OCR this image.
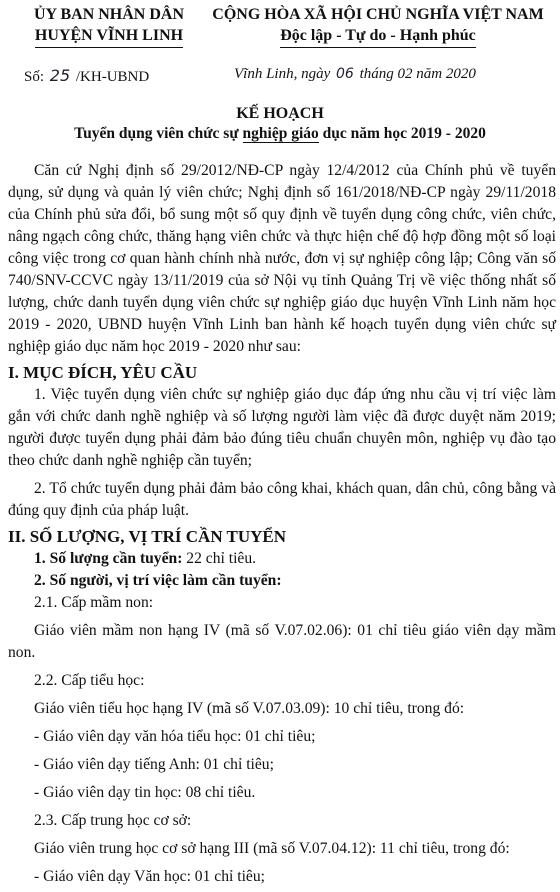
ỦY BAN NHÂN DÂN
HUYỆN VĨNH LINH
CỘNG HÒA XÃ HỘI CHỦ NGHĨA VIỆT NAM
Độc lập - Tự do - Hạnh phúc
Số: 25 /KH-UBND	Vĩnh Linh, ngày 06 tháng 02 năm 2020
KẾ HOẠCH
Tuyển dụng viên chức sự nghiệp giáo dục năm học 2019 - 2020

Căn cứ Nghị định số 29/2012/NĐ-CP ngày 12/4/2012 của Chính phủ về tuyển dụng, sử dụng và quản lý viên chức; Nghị định số 161/2018/NĐ-CP ngày 29/11/2018 của Chính phủ sửa đổi, bổ sung một số quy định về tuyển dụng công chức, viên chức, nâng ngạch công chức, thăng hạng viên chức và thực hiện chế độ hợp đồng một số loại công việc trong cơ quan hành chính nhà nước, đơn vị sự nghiệp công lập; Công văn số 740/SNV-CCVC ngày 13/11/2019 của sở Nội vụ tỉnh Quảng Trị về việc thống nhất số lượng, chức danh tuyển dụng viên chức sự nghiệp giáo dục huyện Vĩnh Linh năm học 2019 - 2020, UBND huyện Vĩnh Linh ban hành kế hoạch tuyển dụng viên chức sự nghiệp giáo dục năm học 2019 - 2020 như sau:

I. MỤC ĐÍCH, YÊU CẦU

1. Việc tuyển dụng viên chức sự nghiệp giáo dục đáp ứng nhu cầu vị trí việc làm gắn với chức danh nghề nghiệp và số lượng người làm việc đã được duyệt năm 2019; người được tuyển dụng phải đảm bảo đúng tiêu chuẩn chuyên môn, nghiệp vụ đào tạo theo chức danh nghề nghiệp cần tuyển;

2. Tổ chức tuyển dụng phải đảm bảo công khai, khách quan, dân chủ, công bằng và đúng quy định của pháp luật.

II. SỐ LƯỢNG, VỊ TRÍ CẦN TUYỂN

1. Số lượng cần tuyển: 22 chỉ tiêu.

2. Số người, vị trí việc làm cần tuyển:

2.1. Cấp mầm non:

Giáo viên mầm non hạng IV (mã số V.07.02.06): 01 chỉ tiêu giáo viên dạy mầm non.

2.2. Cấp tiểu học:

Giáo viên tiểu học hạng IV (mã số V.07.03.09): 10 chỉ tiêu, trong đó:

- Giáo viên dạy văn hóa tiểu học: 01 chỉ tiêu;

- Giáo viên dạy tiếng Anh: 01 chỉ tiêu;

- Giáo viên dạy tin học: 08 chỉ tiêu.

2.3. Cấp trung học cơ sở:

Giáo viên trung học cơ sở hạng III (mã số V.07.04.12): 11 chỉ tiêu, trong đó:

- Giáo viên dạy Văn học: 01 chỉ tiêu;
